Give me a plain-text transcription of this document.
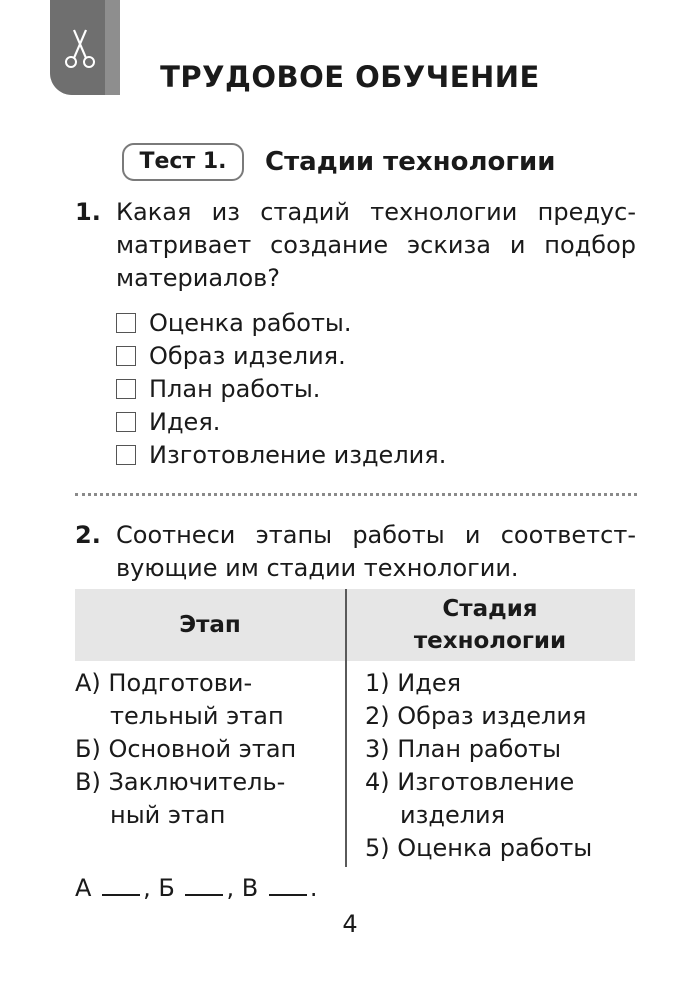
ТРУДОВОЕ ОБУЧЕНИЕ
Тест 1.	Стадии технологии
1. Какая из стадий технологии предус-
матривает создание эскиза и подбор
материалов?
Оценка работы.
Образ идзелия.
План работы.
Идея.
Изготовление изделия.
2. Соотнеси этапы работы и соответст-
вующие им стадии технологии.
Этап
Стадия
технологии
А) Подготови-
тельный этап
Б) Основной этап
В) Заключитель-
ный этап
1) Идея
2) Образ изделия
3) План работы
4) Изготовление
изделия
5) Оценка работы
А , Б , В .
4
